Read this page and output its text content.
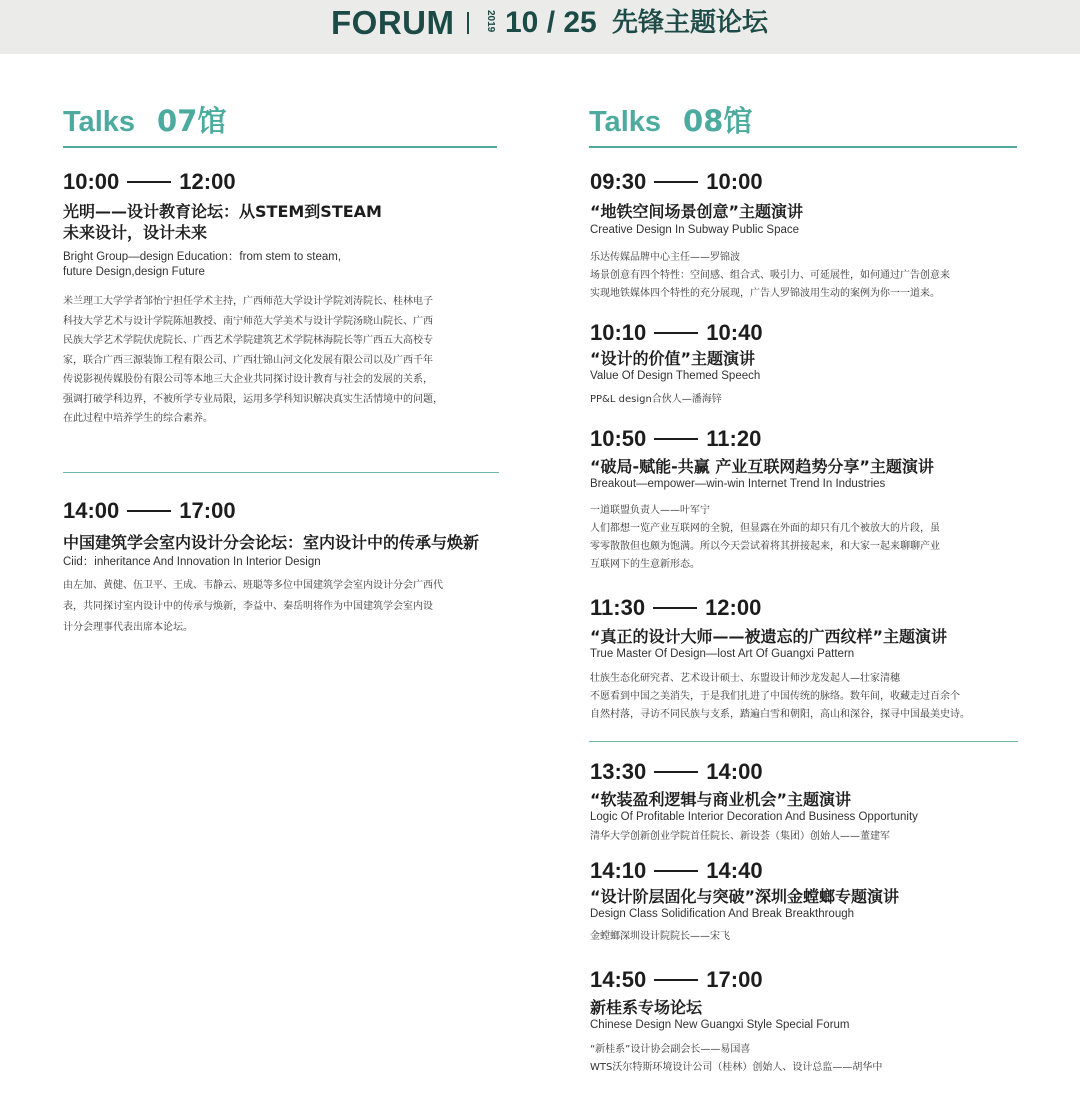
FORUM	2019 10 / 25 先锋主题论坛
Talks 07馆
10:00	12:00
光明——设计教育论坛：从STEM到STEAM
未来设计，设计未来
Bright Group—design Education：from stem to steam,
future Design,design Future

米兰理工大学学者邹怡宁担任学术主持，广西师范大学设计学院刘涛院长、桂林电子

科技大学艺术与设计学院陈旭教授、南宁师范大学美术与设计学院汤晓山院长、广西

民族大学艺术学院伏虎院长、广西艺术学院建筑艺术学院林海院长等广西五大高校专

家，联合广西三源装饰工程有限公司、广西壮锦山河文化发展有限公司以及广西千年

传说影视传媒股份有限公司等本地三大企业共同探讨设计教育与社会的发展的关系，

强调打破学科边界，不被所学专业局限，运用多学科知识解决真实生活情境中的问题，

在此过程中培养学生的综合素养。

14:00	17:00
中国建筑学会室内设计分会论坛：室内设计中的传承与焕新
Ciid：inheritance And Innovation In Interior Design

由左加、黄健、伍卫平、王成、韦静云、班聪等多位中国建筑学会室内设计分会广西代

表，共同探讨室内设计中的传承与焕新，李益中、秦岳明将作为中国建筑学会室内设

计分会理事代表出席本论坛。

Talks 08馆
09:30	10:00
“地铁空间场景创意”主题演讲
Creative Design In Subway Public Space
乐达传媒品牌中心主任——罗锦波
场景创意有四个特性：空间感、组合式、吸引力、可延展性，如何通过广告创意来
实现地铁媒体四个特性的充分展现，广告人罗锦波用生动的案例为你一一道来。
10:10	10:40
“设计的价值”主题演讲
Value Of Design Themed Speech
PP&L design合伙人—潘海锌
10:50	11:20
“破局-赋能-共赢 产业互联网趋势分享”主题演讲
Breakout—empower—win-win Internet Trend In Industries
一道联盟负责人——叶军宁
人们都想一览产业互联网的全貌，但显露在外面的却只有几个被放大的片段，虽
零零散散但也颇为饱满。所以今天尝试着将其拼接起来，和大家一起来聊聊产业
互联网下的生意新形态。
11:30	12:00
“真正的设计大师——被遗忘的广西纹样”主题演讲
True Master Of Design—lost Art Of Guangxi Pattern
壮族生态化研究者、艺术设计硕士、东盟设计师沙龙发起人—壮家清穗
不愿看到中国之美消失，于是我们扎进了中国传统的脉络。数年间，收藏走过百余个
自然村落，寻访不同民族与支系，踏遍白雪和朝阳，高山和深谷，探寻中国最美史诗。
13:30	14:00
“软装盈利逻辑与商业机会”主题演讲
Logic Of Profitable Interior Decoration And Business Opportunity
清华大学创新创业学院首任院长、新设荟（集团）创始人——董建军
14:10	14:40
“设计阶层固化与突破”深圳金螳螂专题演讲
Design Class Solidification And Break Breakthrough
金螳螂深圳设计院院长——宋飞
14:50	17:00
新桂系专场论坛
Chinese Design New Guangxi Style Special Forum
“新桂系”设计协会副会长——易国喜
WTS沃尔特斯环境设计公司（桂林）创始人、设计总监——胡华中
